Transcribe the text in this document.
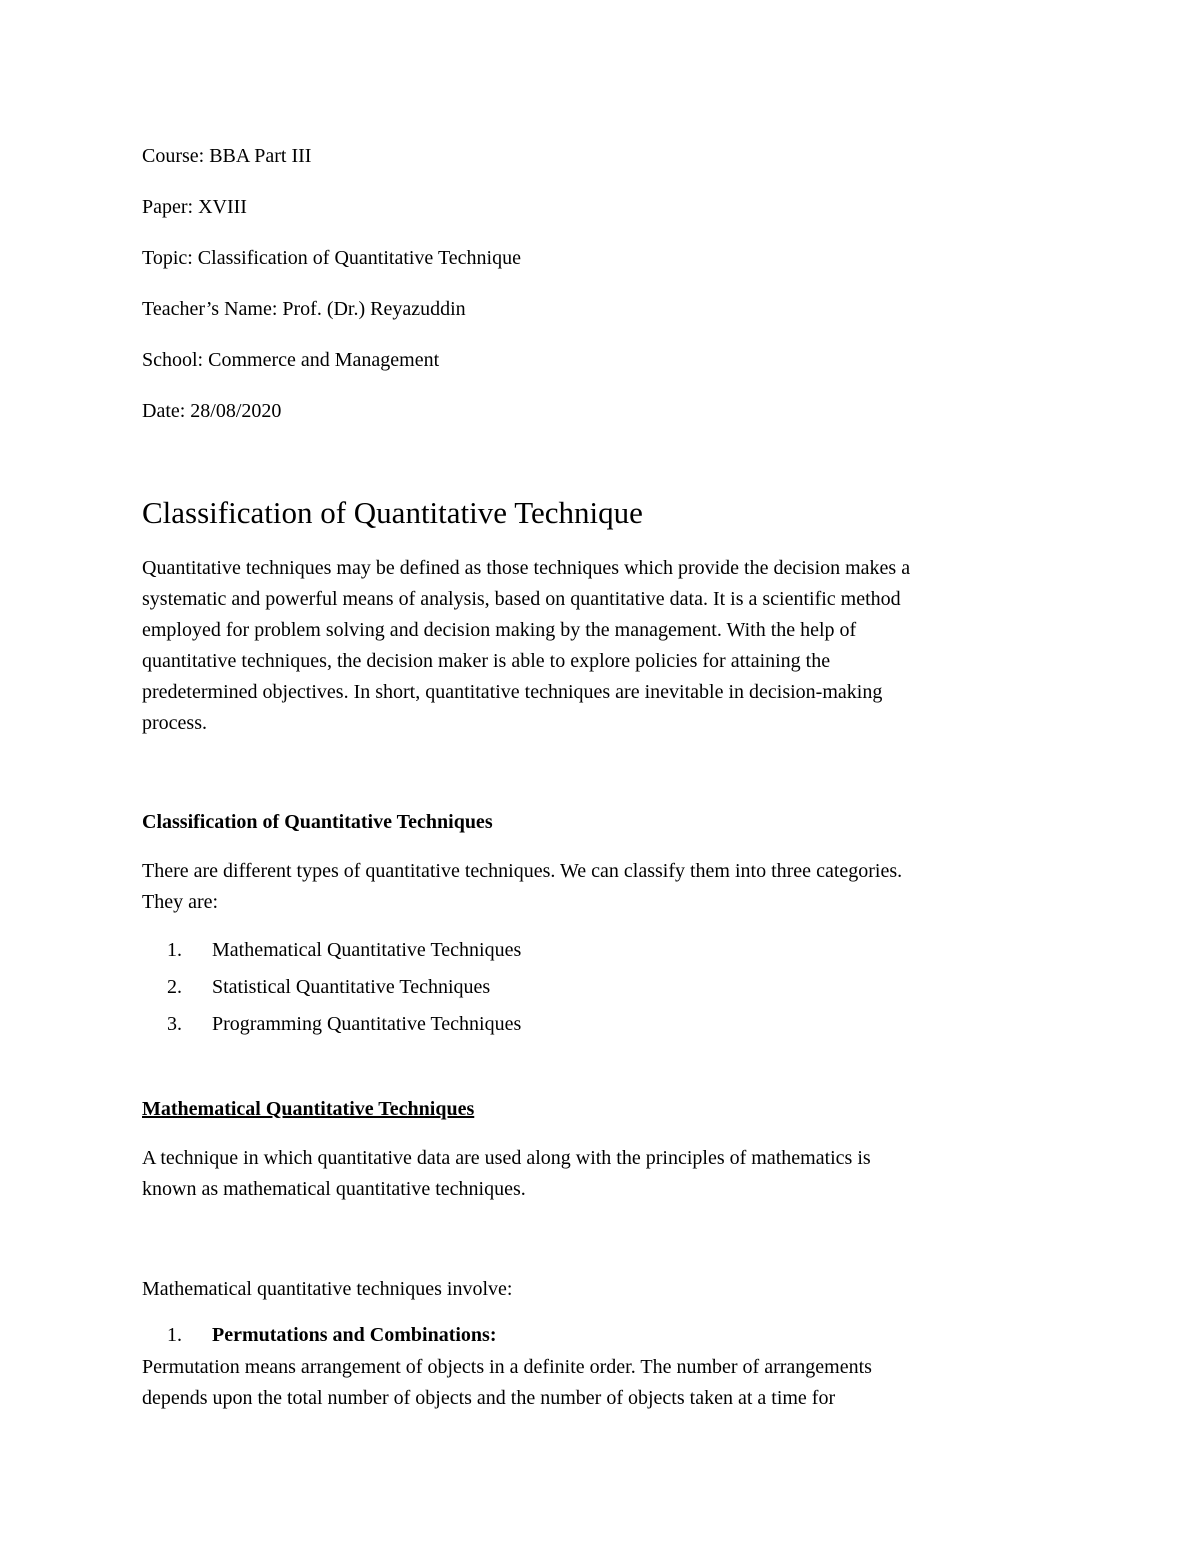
Course: BBA Part III
Paper: XVIII
Topic: Classification of Quantitative Technique
Teacher’s Name: Prof. (Dr.) Reyazuddin
School: Commerce and Management
Date: 28/08/2020
Classification of Quantitative Technique
Quantitative techniques may be defined as those techniques which provide the decision makes a
systematic and powerful means of analysis, based on quantitative data. It is a scientific method
employed for problem solving and decision making by the management. With the help of
quantitative techniques, the decision maker is able to explore policies for attaining the
predetermined objectives. In short, quantitative techniques are inevitable in decision-making
process.
Classification of Quantitative Techniques
There are different types of quantitative techniques. We can classify them into three categories.
They are:
1. Mathematical Quantitative Techniques
2. Statistical Quantitative Techniques
3. Programming Quantitative Techniques
Mathematical Quantitative Techniques
A technique in which quantitative data are used along with the principles of mathematics is
known as mathematical quantitative techniques.
Mathematical quantitative techniques involve:
1. Permutations and Combinations:
Permutation means arrangement of objects in a definite order. The number of arrangements
depends upon the total number of objects and the number of objects taken at a time for
